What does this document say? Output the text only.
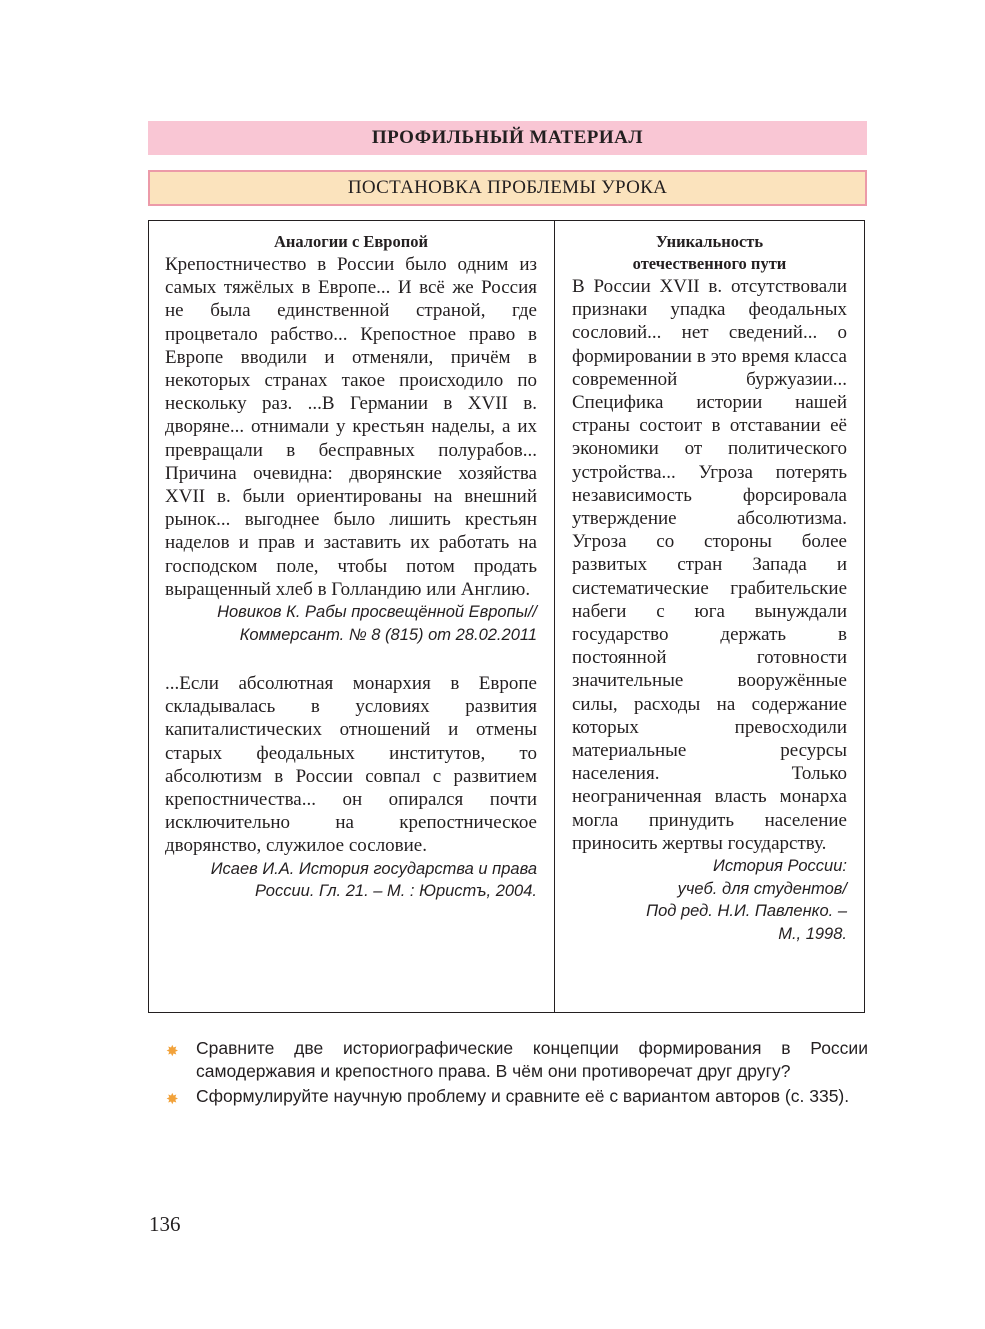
ПРОФИЛЬНЫЙ МАТЕРИАЛ
ПОСТАНОВКА ПРОБЛЕМЫ УРОКА
Аналогии с Европой

Крепостничество в России было одним из самых тяжёлых в Европе... И всё же Россия не была единственной страной, где процветало рабство... Крепостное право в Европе вводили и отменяли, причём в некоторых странах такое происходило по нескольку раз. ...В Германии в XVII в. дворяне... отнимали у крестьян наделы, а их превращали в бесправных полурабов... Причина очевидна: дворянские хозяйства XVII в. были ориентированы на внешний рынок... выгоднее было лишить крестьян наделов и прав и заставить их работать на господском поле, чтобы потом продать выращенный хлеб в Голландию или Англию.

Новиков К. Рабы просвещённой Европы//

Коммерсант. № 8 (815) от 28.02.2011

...Если абсолютная монархия в Европе складывалась в условиях развития капиталистических отношений и отмены старых феодальных институтов, то абсолютизм в России совпал с развитием крепостничества... он опирался почти исключительно на крепостническое дворянство, служилое сословие.

Исаев И.А. История государства и права

России. Гл. 21. – М. : Юристъ, 2004.

Уникальность
отечественного пути

В России XVII в. отсутствовали признаки упадка феодальных сословий... нет сведений... о формировании в это время класса современной буржуазии... Специфика истории нашей страны состоит в отставании её экономики от политического устройства... Угроза потерять независимость форсировала утверждение абсолютизма. Угроза со стороны более развитых стран Запада и систематические грабительские набеги с юга вынуждали государство держать в постоянной готовности значительные вооружённые силы, расходы на содержание которых превосходили материальные ресурсы населения. Только неограниченная власть монарха могла принудить население приносить жертвы государству.

История России:

учеб. для студентов/

Под ред. Н.И. Павленко. –

М., 1998.

✸ Сравните две историографические концепции формирования в России самодержавия и крепостного права. В чём они противоречат друг другу?

✸ Сформулируйте научную проблему и сравните её с вариантом авторов (с. 335).

136
